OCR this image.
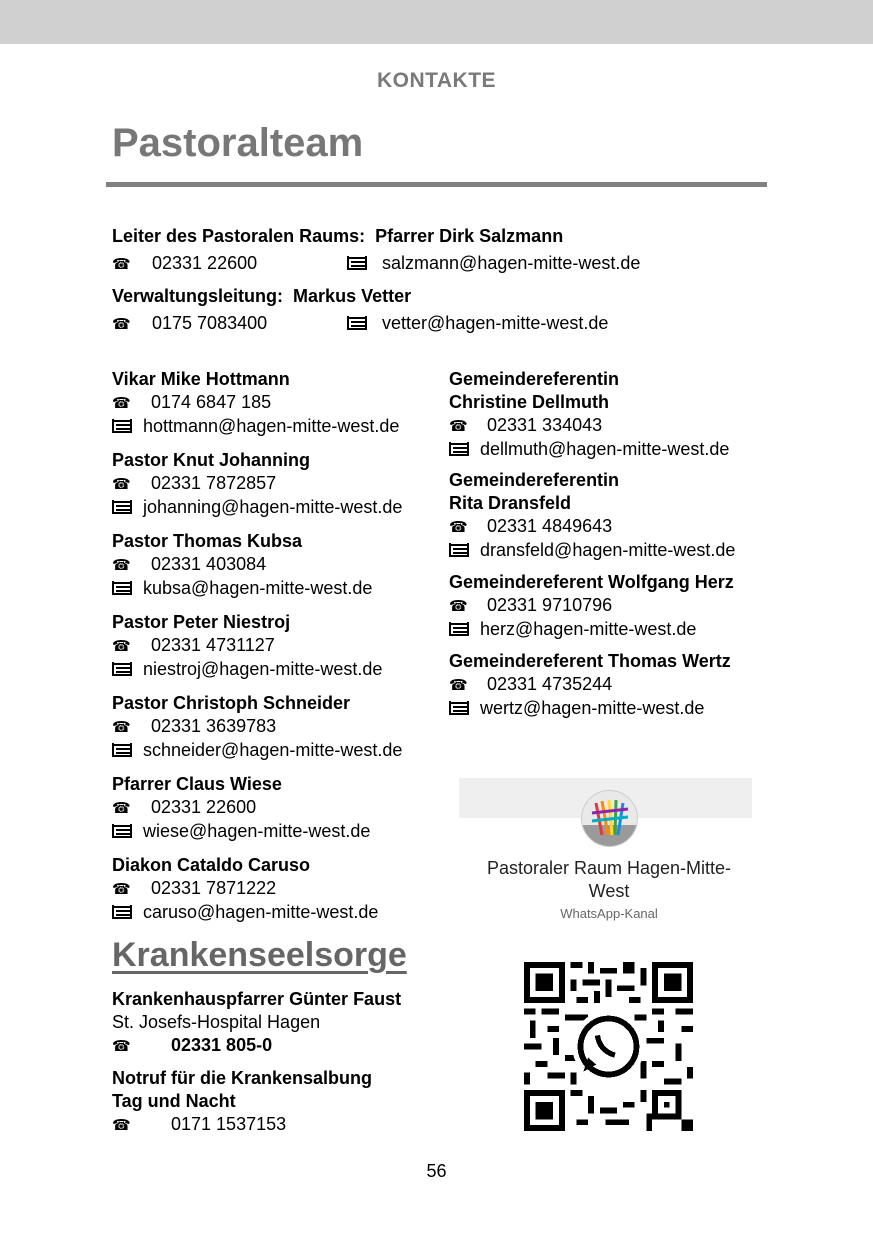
KONTAKTE
Pastoralteam
Leiter des Pastoralen Raums: Pfarrer Dirk Salzmann
☎	02331 22600	salzmann@hagen-mitte-west.de
Verwaltungsleitung: Markus Vetter
☎	0175 7083400	vetter@hagen-mitte-west.de
Vikar Mike Hottmann
☎ 0174 6847 185
hottmann@hagen-mitte-west.de
Pastor Knut Johanning
☎ 02331 7872857
johanning@hagen-mitte-west.de
Pastor Thomas Kubsa
☎ 02331 403084
kubsa@hagen-mitte-west.de
Pastor Peter Niestroj
☎ 02331 4731127
niestroj@hagen-mitte-west.de
Pastor Christoph Schneider
☎ 02331 3639783
schneider@hagen-mitte-west.de
Pfarrer Claus Wiese
☎ 02331 22600
wiese@hagen-mitte-west.de
Diakon Cataldo Caruso
☎ 02331 7871222
caruso@hagen-mitte-west.de
Gemeindereferentin
Christine Dellmuth
☎ 02331 334043
dellmuth@hagen-mitte-west.de
Gemeindereferentin
Rita Dransfeld
☎ 02331 4849643
dransfeld@hagen-mitte-west.de
Gemeindereferent Wolfgang Herz
☎ 02331 9710796
herz@hagen-mitte-west.de
Gemeindereferent Thomas Wertz
☎ 02331 4735244
wertz@hagen-mitte-west.de
Krankenseelsorge
Krankenhauspfarrer Günter Faust
St. Josefs-Hospital Hagen
☎ 02331 805-0
Notruf für die Krankensalbung
Tag und Nacht
☎ 0171 1537153
Pastoraler Raum Hagen-Mitte-
West
WhatsApp-Kanal
56
